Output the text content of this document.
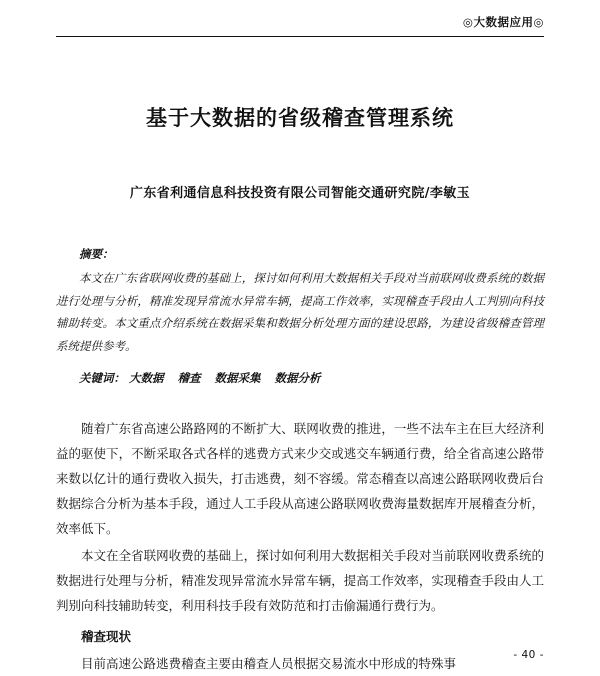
◎大数据应用◎
基于大数据的省级稽查管理系统
广东省利通信息科技投资有限公司智能交通研究院/李敏玉
摘要：
本文在广东省联网收费的基础上，探讨如何利用大数据相关手段对当前联网收费系统的数据进行处理与分析，精准发现异常流水异常车辆，提高工作效率，实现稽查手段由人工判别向科技辅助转变。本文重点介绍系统在数据采集和数据分析处理方面的建设思路，为建设省级稽查管理系统提供参考。
关键词： 大数据 稽查 数据采集 数据分析

随着广东省高速公路路网的不断扩大、联网收费的推进，一些不法车主在巨大经济利益的驱使下，不断采取各式各样的逃费方式来少交或逃交车辆通行费，给全省高速公路带来数以亿计的通行费收入损失，打击逃费，刻不容缓。常态稽查以高速公路联网收费后台数据综合分析为基本手段，通过人工手段从高速公路联网收费海量数据库开展稽查分析，效率低下。

本文在全省联网收费的基础上，探讨如何利用大数据相关手段对当前联网收费系统的数据进行处理与分析，精准发现异常流水异常车辆，提高工作效率，实现稽查手段由人工判别向科技辅助转变，利用科技手段有效防范和打击偷漏通行费行为。

稽查现状

目前高速公路逃费稽查主要由稽查人员根据交易流水中形成的特殊事

- 40 -
